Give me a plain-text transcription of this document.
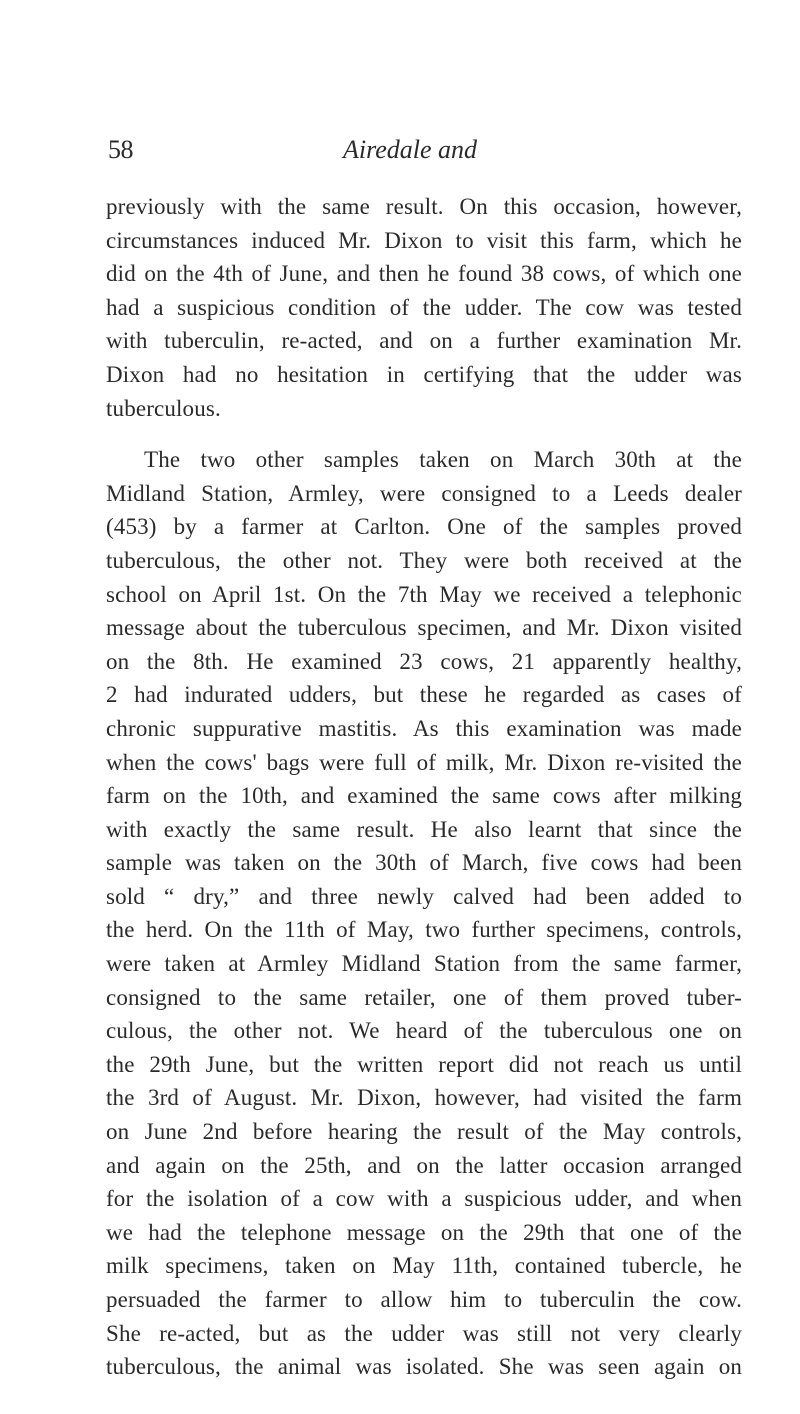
58	Airedale and

previously with the same result. On this occasion, however,
circumstances induced Mr. Dixon to visit this farm, which he
did on the 4th of June, and then he found 38 cows, of which one
had a suspicious condition of the udder. The cow was tested
with tuberculin, re-acted, and on a further examination Mr.
Dixon had no hesitation in certifying that the udder was
tuberculous.

The two other samples taken on March 30th at the
Midland Station, Armley, were consigned to a Leeds dealer
(453) by a farmer at Carlton. One of the samples proved
tuberculous, the other not. They were both received at the
school on April 1st. On the 7th May we received a telephonic
message about the tuberculous specimen, and Mr. Dixon visited
on the 8th. He examined 23 cows, 21 apparently healthy,
2 had indurated udders, but these he regarded as cases of
chronic suppurative mastitis. As this examination was made
when the cows' bags were full of milk, Mr. Dixon re-visited the
farm on the 10th, and examined the same cows after milking
with exactly the same result. He also learnt that since the
sample was taken on the 30th of March, five cows had been
sold “ dry,” and three newly calved had been added to
the herd. On the 11th of May, two further specimens, controls,
were taken at Armley Midland Station from the same farmer,
consigned to the same retailer, one of them proved tuber-
culous, the other not. We heard of the tuberculous one on
the 29th June, but the written report did not reach us until
the 3rd of August. Mr. Dixon, however, had visited the farm
on June 2nd before hearing the result of the May controls,
and again on the 25th, and on the latter occasion arranged
for the isolation of a cow with a suspicious udder, and when
we had the telephone message on the 29th that one of the
milk specimens, taken on May 11th, contained tubercle, he
persuaded the farmer to allow him to tuberculin the cow.
She re-acted, but as the udder was still not very clearly
tuberculous, the animal was isolated. She was seen again on
